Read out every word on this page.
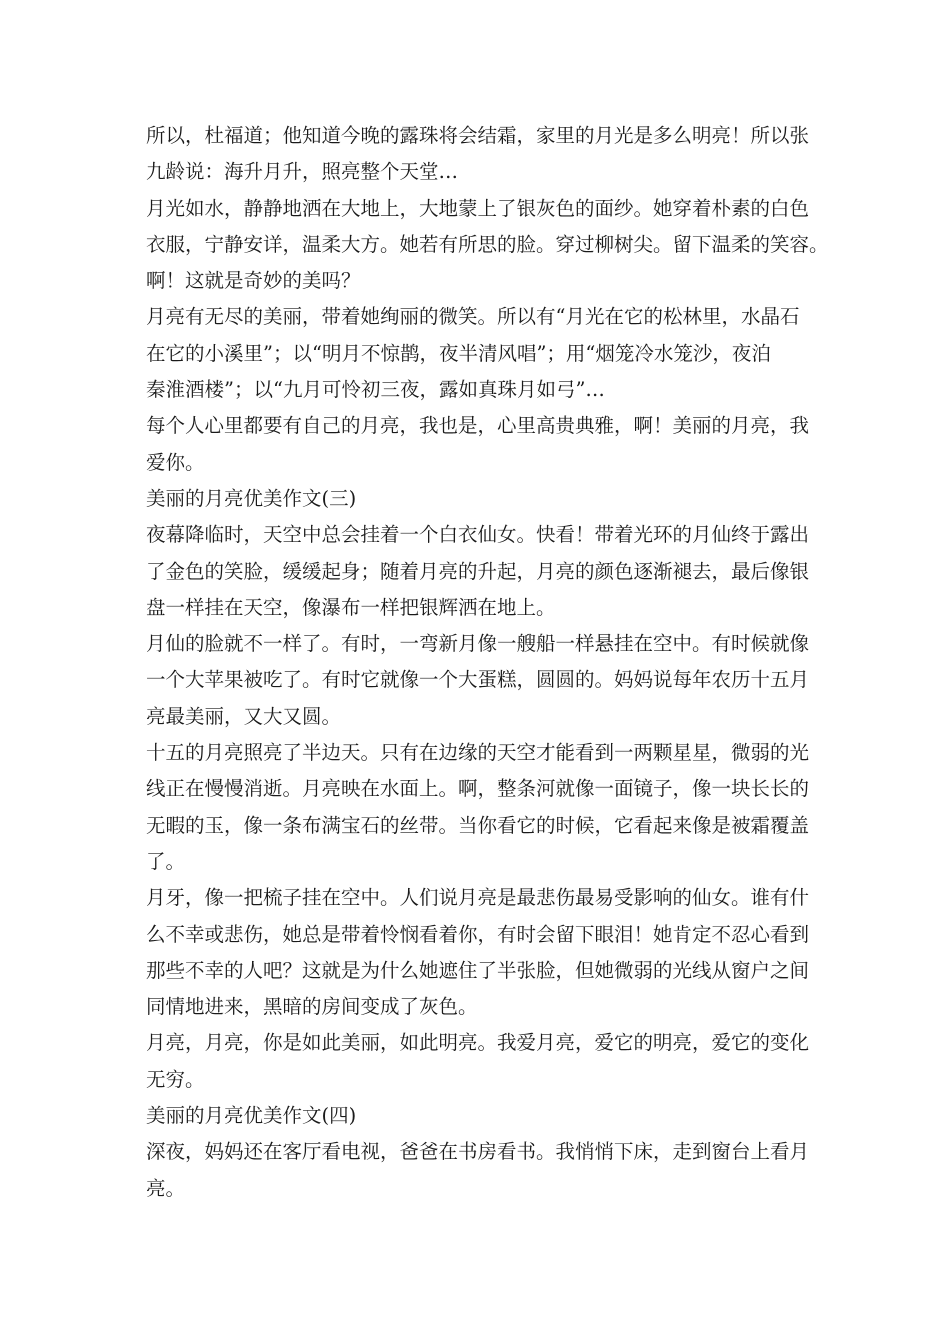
所以，杜福道；他知道今晚的露珠将会结霜，家里的月光是多么明亮！所以张
九龄说：海升月升，照亮整个天堂…
月光如水，静静地洒在大地上，大地蒙上了银灰色的面纱。她穿着朴素的白色
衣服，宁静安详，温柔大方。她若有所思的脸。穿过柳树尖。留下温柔的笑容。
啊！这就是奇妙的美吗？
月亮有无尽的美丽，带着她绚丽的微笑。所以有“月光在它的松林里，水晶石
在它的小溪里”；以“明月不惊鹊，夜半清风唱”；用“烟笼冷水笼沙，夜泊
秦淮酒楼”；以“九月可怜初三夜，露如真珠月如弓”…
每个人心里都要有自己的月亮，我也是，心里高贵典雅，啊！美丽的月亮，我
爱你。
美丽的月亮优美作文(三)
夜幕降临时，天空中总会挂着一个白衣仙女。快看！带着光环的月仙终于露出
了金色的笑脸，缓缓起身；随着月亮的升起，月亮的颜色逐渐褪去，最后像银
盘一样挂在天空，像瀑布一样把银辉洒在地上。
月仙的脸就不一样了。有时，一弯新月像一艘船一样悬挂在空中。有时候就像
一个大苹果被吃了。有时它就像一个大蛋糕，圆圆的。妈妈说每年农历十五月
亮最美丽，又大又圆。
十五的月亮照亮了半边天。只有在边缘的天空才能看到一两颗星星，微弱的光
线正在慢慢消逝。月亮映在水面上。啊，整条河就像一面镜子，像一块长长的
无暇的玉，像一条布满宝石的丝带。当你看它的时候，它看起来像是被霜覆盖
了。
月牙，像一把梳子挂在空中。人们说月亮是最悲伤最易受影响的仙女。谁有什
么不幸或悲伤，她总是带着怜悯看着你，有时会留下眼泪！她肯定不忍心看到
那些不幸的人吧？这就是为什么她遮住了半张脸，但她微弱的光线从窗户之间
同情地进来，黑暗的房间变成了灰色。
月亮，月亮，你是如此美丽，如此明亮。我爱月亮，爱它的明亮，爱它的变化
无穷。
美丽的月亮优美作文(四)
深夜，妈妈还在客厅看电视，爸爸在书房看书。我悄悄下床，走到窗台上看月
亮。
